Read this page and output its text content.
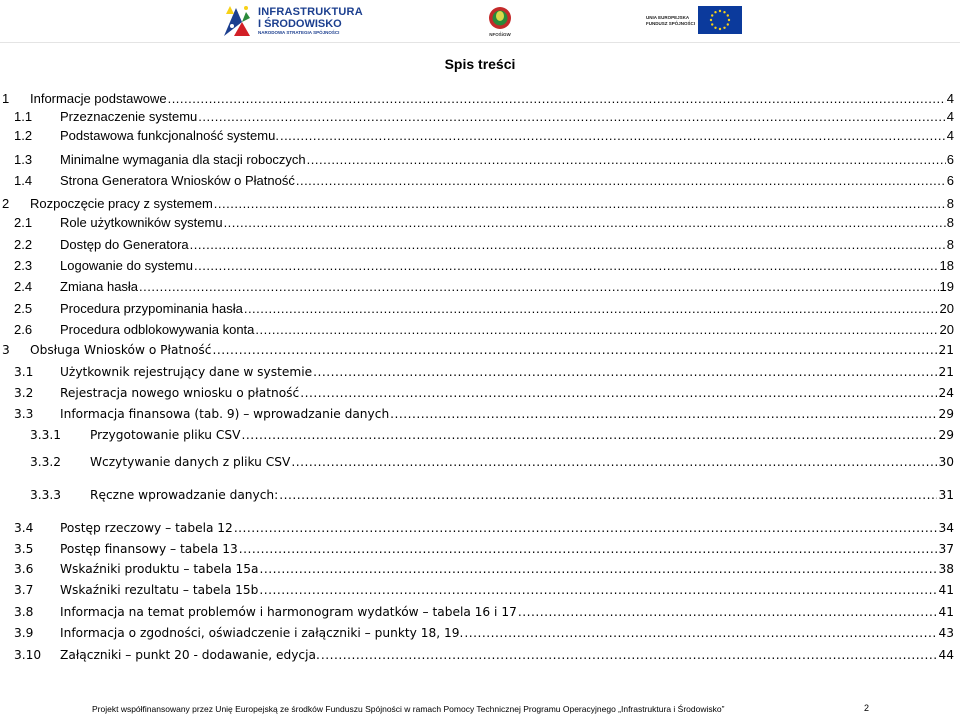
INFRASTRUKTURA
I ŚRODOWISKO
NARODOWA STRATEGIA SPÓJNOŚCI	NFOŚiGW
UNIA EUROPEJSKA
FUNDUSZ SPÓJNOŚCI
Spis treści
1 Informacje podstawowe .....	4
1.1 Przeznaczenie systemu .....	4
1.2 Podstawowa funkcjonalność systemu. .....	4
1.3 Minimalne wymagania dla stacji roboczych .....	6
1.4 Strona Generatora Wniosków o Płatność .....	6
2 Rozpoczęcie pracy z systemem .....	8
2.1 Role użytkowników systemu .....	8
2.2 Dostęp do Generatora .....	8
2.3 Logowanie do systemu .....	18
2.4 Zmiana hasła .....	19
2.5 Procedura przypominania hasła .....	20
2.6 Procedura odblokowywania konta .....	20
3 Obsługa Wniosków o Płatność .....	21
3.1 Użytkownik rejestrujący dane w systemie .....	21
3.2 Rejestracja nowego wniosku o płatność .....	24
3.3 Informacja finansowa (tab. 9) – wprowadzanie danych .....	29
3.3.1 Przygotowanie pliku CSV .....	29
3.3.2 Wczytywanie danych z pliku CSV .....	30
3.3.3 Ręczne wprowadzanie danych: .....	31
3.4 Postęp rzeczowy – tabela 12 .....	34
3.5 Postęp finansowy – tabela 13 .....	37
3.6 Wskaźniki produktu – tabela 15a .....	38
3.7 Wskaźniki rezultatu – tabela 15b .....	41
3.8 Informacja na temat problemów i harmonogram wydatków – tabela 16 i 17 .....	41
3.9 Informacja o zgodności, oświadczenie i załączniki – punkty 18, 19. .....	43
3.10 Załączniki – punkt 20 - dodawanie, edycja. .....	44
Projekt współfinansowany przez Unię Europejską ze środków Funduszu Spójności w ramach Pomocy Technicznej Programu Operacyjnego „Infrastruktura i Środowisko”	2
